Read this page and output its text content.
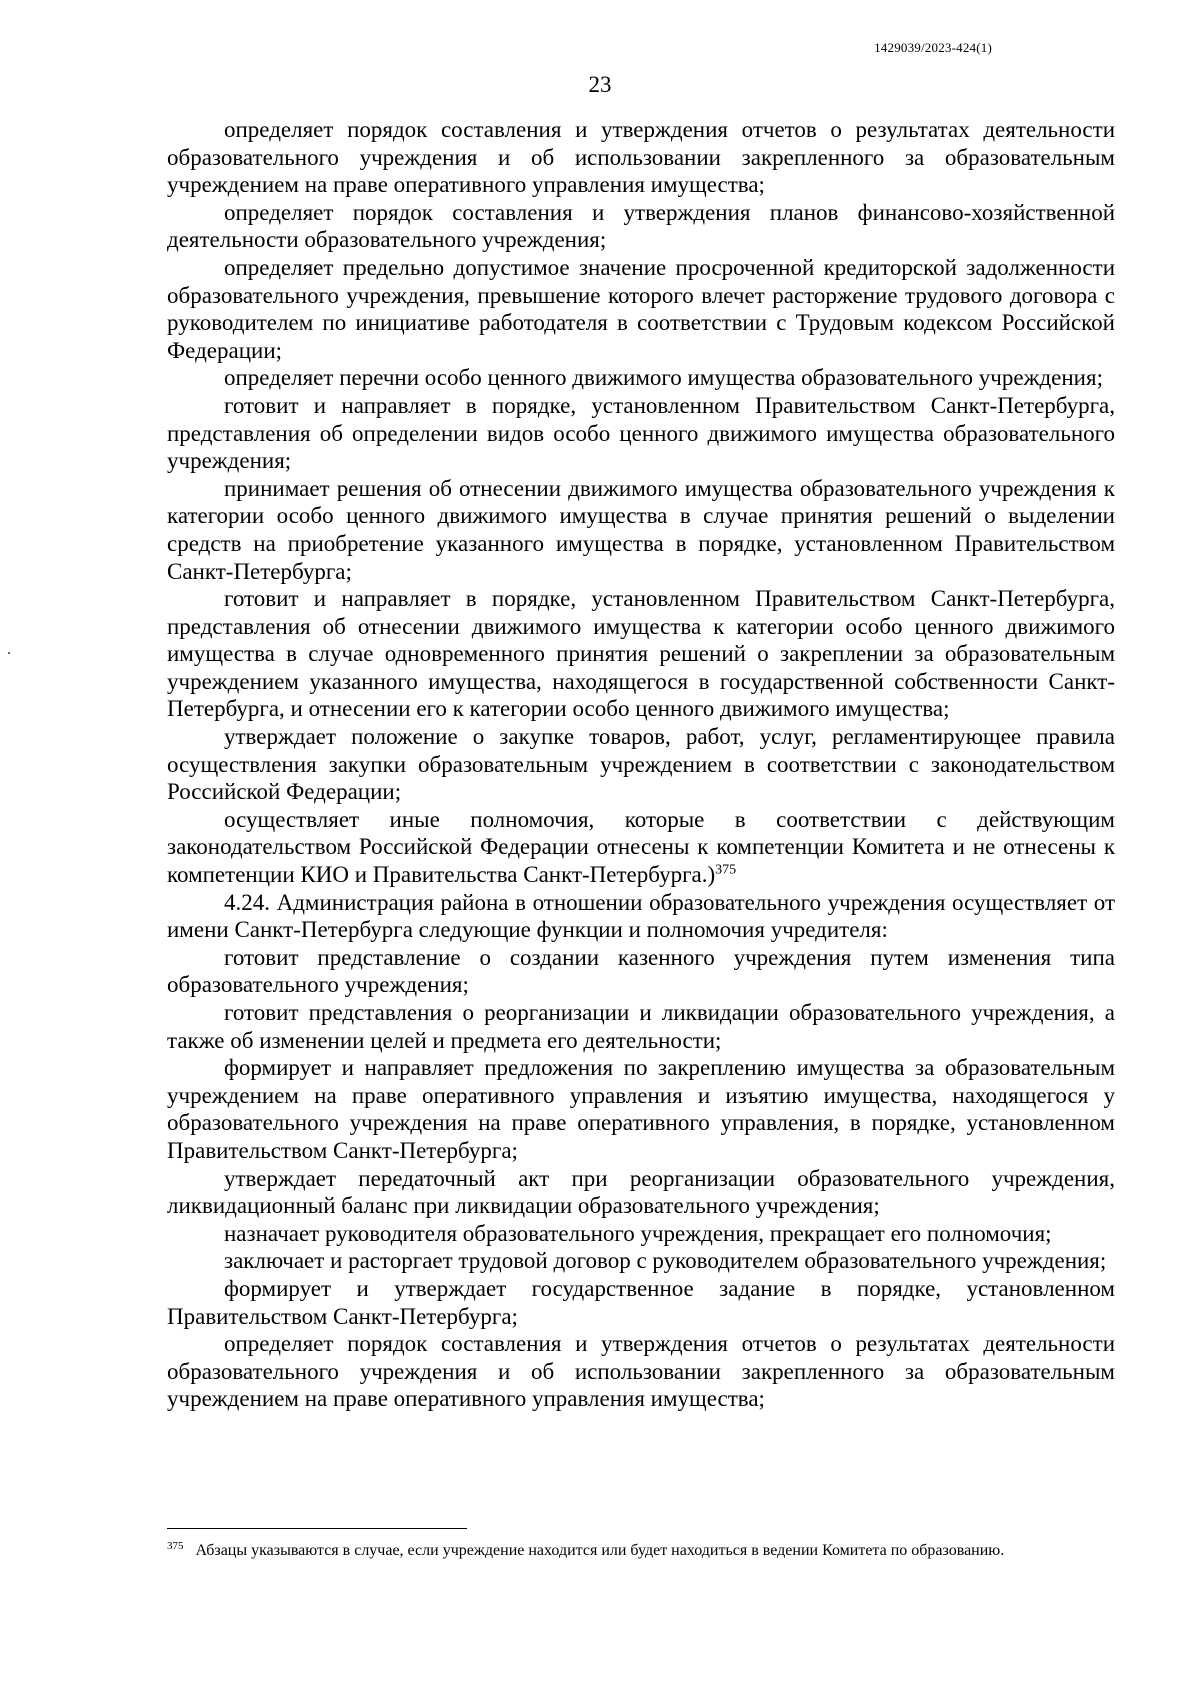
1429039/2023-424(1)
23

определяет порядок составления и утверждения отчетов о результатах деятельности образовательного учреждения и об использовании закрепленного за образовательным учреждением на праве оперативного управления имущества;

определяет порядок составления и утверждения планов финансово-хозяйственной деятельности образовательного учреждения;

определяет предельно допустимое значение просроченной кредиторской задолженности образовательного учреждения, превышение которого влечет расторжение трудового договора с руководителем по инициативе работодателя в соответствии с Трудовым кодексом Российской Федерации;

определяет перечни особо ценного движимого имущества образовательного учреждения;

готовит и направляет в порядке, установленном Правительством Санкт-Петербурга, представления об определении видов особо ценного движимого имущества образовательного учреждения;

принимает решения об отнесении движимого имущества образовательного учреждения к категории особо ценного движимого имущества в случае принятия решений о выделении средств на приобретение указанного имущества в порядке, установленном Правительством Санкт-Петербурга;

готовит и направляет в порядке, установленном Правительством Санкт-Петербурга, представления об отнесении движимого имущества к категории особо ценного движимого имущества в случае одновременного принятия решений о закреплении за образовательным учреждением указанного имущества, находящегося в государственной собственности Санкт-Петербурга, и отнесении его к категории особо ценного движимого имущества;

утверждает положение о закупке товаров, работ, услуг, регламентирующее правила осуществления закупки образовательным учреждением в соответствии с законодательством Российской Федерации;

осуществляет иные полномочия, которые в соответствии с действующим законодательством Российской Федерации отнесены к компетенции Комитета и не отнесены к компетенции КИО и Правительства Санкт-Петербурга.)$^{375}$

4.24. Администрация района в отношении образовательного учреждения осуществляет от имени Санкт-Петербурга следующие функции и полномочия учредителя:

готовит представление о создании казенного учреждения путем изменения типа образовательного учреждения;

готовит представления о реорганизации и ликвидации образовательного учреждения, а также об изменении целей и предмета его деятельности;

формирует и направляет предложения по закреплению имущества за образовательным учреждением на праве оперативного управления и изъятию имущества, находящегося у образовательного учреждения на праве оперативного управления, в порядке, установленном Правительством Санкт-Петербурга;

утверждает передаточный акт при реорганизации образовательного учреждения, ликвидационный баланс при ликвидации образовательного учреждения;

назначает руководителя образовательного учреждения, прекращает его полномочия;

заключает и расторгает трудовой договор с руководителем образовательного учреждения;

формирует и утверждает государственное задание в порядке, установленном Правительством Санкт-Петербурга;

определяет порядок составления и утверждения отчетов о результатах деятельности образовательного учреждения и об использовании закрепленного за образовательным учреждением на праве оперативного управления имущества;

$^{375}$ Абзацы указываются в случае, если учреждение находится или будет находиться в ведении Комитета по образованию.
